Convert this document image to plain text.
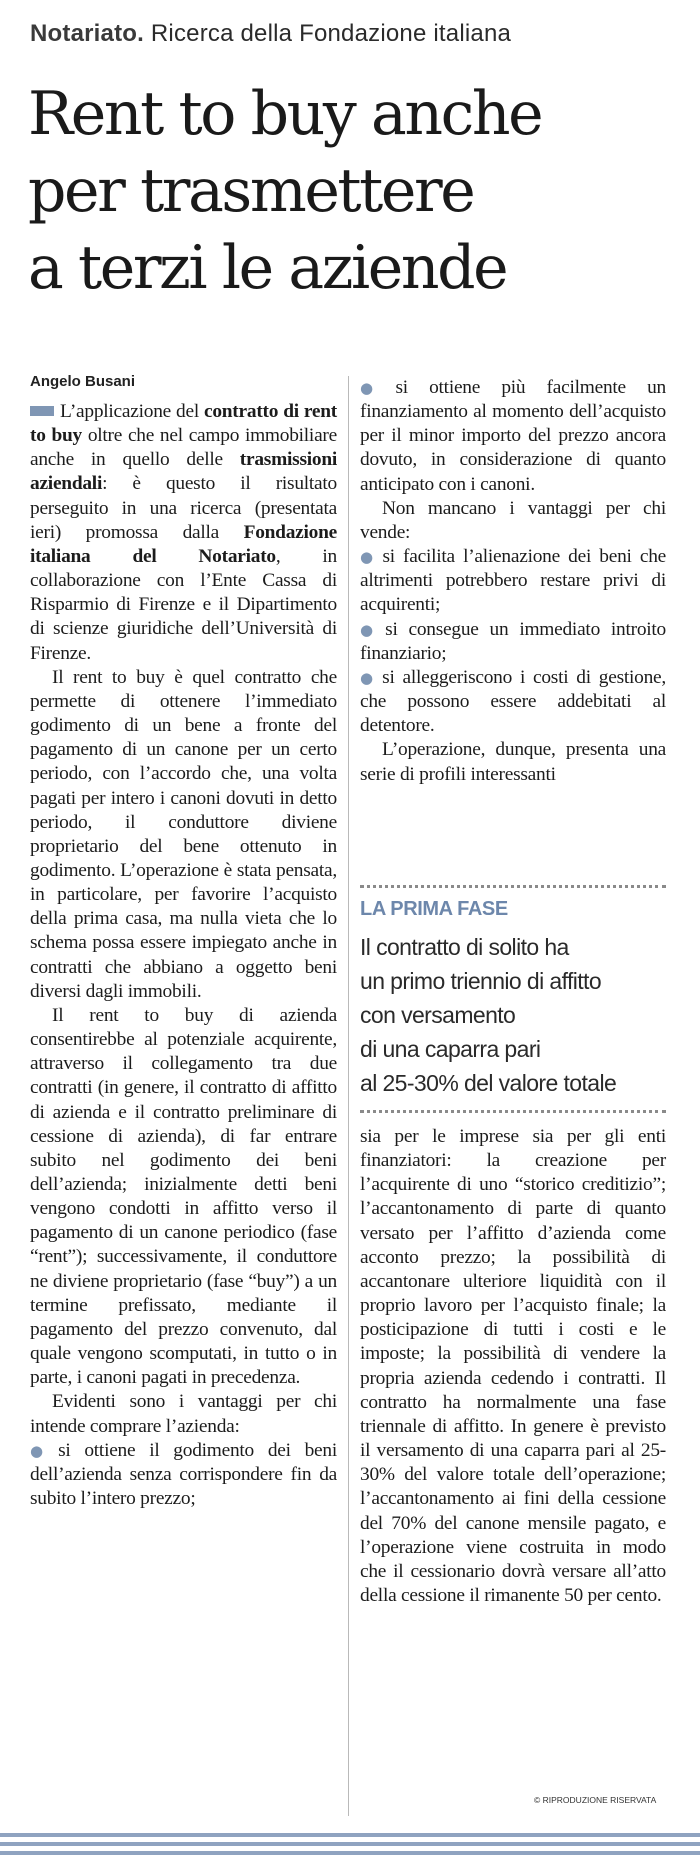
Notariato. Ricerca della Fondazione italiana
Rent to buy anche
per trasmettere
a terzi le aziende
Angelo Busani

L’applicazione del contratto di rent to buy oltre che nel campo immobiliare anche in quello delle trasmissioni aziendali: è questo il risultato perseguito in una ricerca (presentata ieri) promossa dalla Fondazione italiana del Notariato, in collaborazione con l’Ente Cassa di Risparmio di Firenze e il Dipartimento di scienze giuridiche dell’Università di Firenze.

Il rent to buy è quel contratto che permette di ottenere l’immediato godimento di un bene a fronte del pagamento di un canone per un certo periodo, con l’accordo che, una volta pagati per intero i canoni dovuti in detto periodo, il conduttore diviene proprietario del bene ottenuto in godimento. L’operazione è stata pensata, in particolare, per favorire l’acquisto della prima casa, ma nulla vieta che lo schema possa essere impiegato anche in contratti che abbiano a oggetto beni diversi dagli immobili.

Il rent to buy di azienda consentirebbe al potenziale acquirente, attraverso il collegamento tra due contratti (in genere, il contratto di affitto di azienda e il contratto preliminare di cessione di azienda), di far entrare subito nel godimento dei beni dell’azienda; inizialmente detti beni vengono condotti in affitto verso il pagamento di un canone periodico (fase “rent”); successivamente, il conduttore ne diviene proprietario (fase “buy”) a un termine prefissato, mediante il pagamento del prezzo convenuto, dal quale vengono scomputati, in tutto o in parte, i canoni pagati in precedenza.

Evidenti sono i vantaggi per chi intende comprare l’azienda:

● si ottiene il godimento dei beni dell’azienda senza corrispondere fin da subito l’intero prezzo;

● si ottiene più facilmente un finanziamento al momento dell’acquisto per il minor importo del prezzo ancora dovuto, in considerazione di quanto anticipato con i canoni.

Non mancano i vantaggi per chi vende:

● si facilita l’alienazione dei beni che altrimenti potrebbero restare privi di acquirenti;

● si consegue un immediato introito finanziario;

● si alleggeriscono i costi di gestione, che possono essere addebitati al detentore.

L’operazione, dunque, presenta una serie di profili interessanti

LA PRIMA FASE
Il contratto di solito ha
un primo triennio di affitto
con versamento
di una caparra pari
al 25-30% del valore totale

sia per le imprese sia per gli enti finanziatori: la creazione per l’acquirente di uno “storico creditizio”; l’accantonamento di parte di quanto versato per l’affitto d’azienda come acconto prezzo; la possibilità di accantonare ulteriore liquidità con il proprio lavoro per l’acquisto finale; la posticipazione di tutti i costi e le imposte; la possibilità di vendere la propria azienda cedendo i contratti. Il contratto ha normalmente una fase triennale di affitto. In genere è previsto il versamento di una caparra pari al 25-30% del valore totale dell’operazione; l’accantonamento ai fini della cessione del 70% del canone mensile pagato, e l’operazione viene costruita in modo che il cessionario dovrà versare all’atto della cessione il rimanente 50 per cento.

© RIPRODUZIONE RISERVATA
